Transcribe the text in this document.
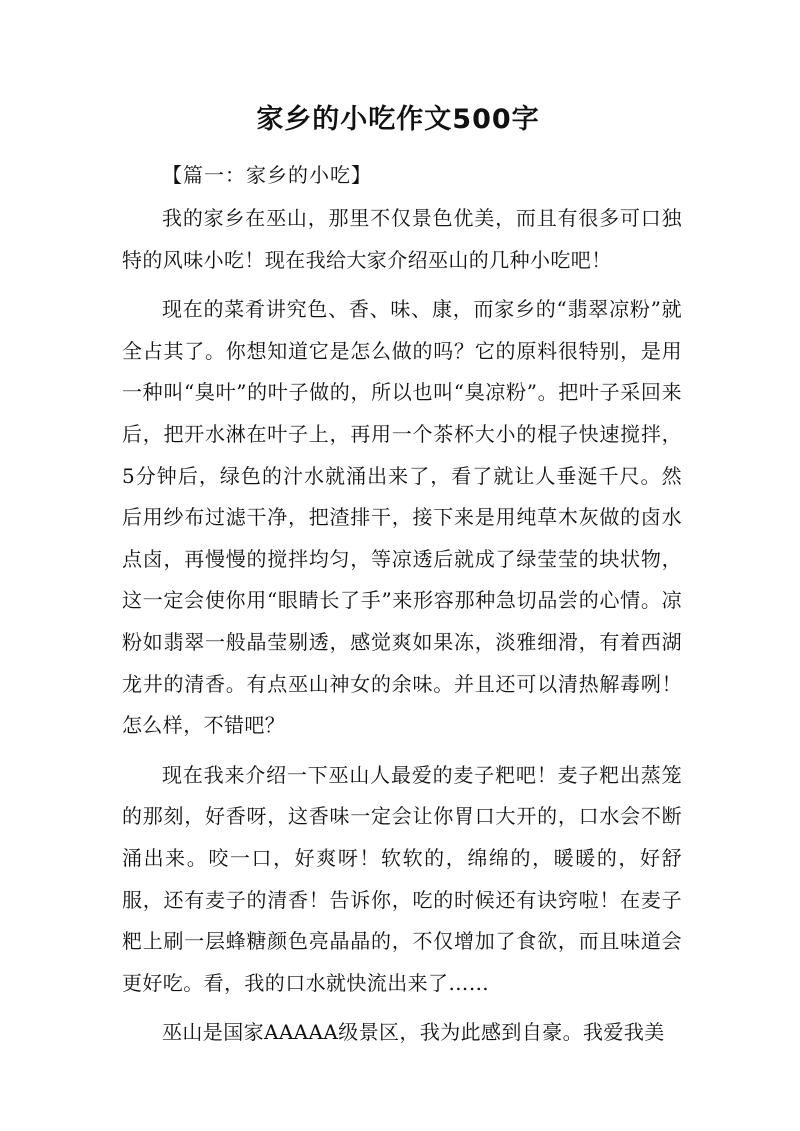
家乡的小吃作文500字

【篇一：家乡的小吃】

我的家乡在巫山，那里不仅景色优美，而且有很多可口独特的风味小吃！现在我给大家介绍巫山的几种小吃吧！

现在的菜肴讲究色、香、味、康，而家乡的“翡翠凉粉”就全占其了。你想知道它是怎么做的吗？它的原料很特别，是用一种叫“臭叶”的叶子做的，所以也叫“臭凉粉”。把叶子采回来后，把开水淋在叶子上，再用一个茶杯大小的棍子快速搅拌，5分钟后，绿色的汁水就涌出来了，看了就让人垂涎千尺。然后用纱布过滤干净，把渣排干，接下来是用纯草木灰做的卤水点卤，再慢慢的搅拌均匀，等凉透后就成了绿莹莹的块状物，这一定会使你用“眼睛长了手”来形容那种急切品尝的心情。凉粉如翡翠一般晶莹剔透，感觉爽如果冻，淡雅细滑，有着西湖龙井的清香。有点巫山神女的余味。并且还可以清热解毒咧！怎么样，不错吧？

现在我来介绍一下巫山人最爱的麦子粑吧！麦子粑出蒸笼的那刻，好香呀，这香味一定会让你胃口大开的，口水会不断涌出来。咬一口，好爽呀！软软的，绵绵的，暖暖的，好舒服，还有麦子的清香！告诉你，吃的时候还有诀窍啦！在麦子粑上刷一层蜂糖颜色亮晶晶的，不仅增加了食欲，而且味道会更好吃。看，我的口水就快流出来了……

巫山是国家AAAAA级景区，我为此感到自豪。我爱我美
